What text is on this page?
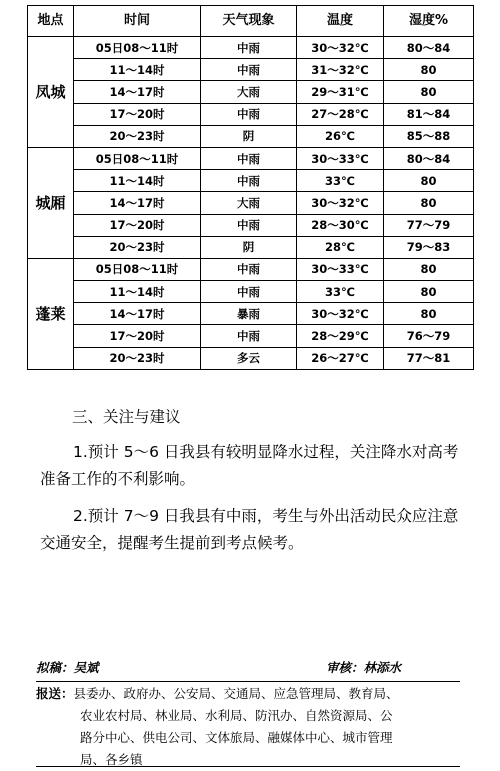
地点	时间	天气现象	温度	湿度%
凤城	05日08～11时	中雨	30～32℃	80～84
	11～14时	中雨	31～32℃	80
	14～17时	大雨	29～31℃	80
	17～20时	中雨	27～28℃	81～84
	20～23时	阴	26℃	85～88
城厢	05日08～11时	中雨	30～33℃	80～84
	11～14时	中雨	33℃	80
	14～17时	大雨	30～32℃	80
	17～20时	中雨	28～30℃	77～79
	20～23时	阴	28℃	79～83
蓬莱	05日08～11时	中雨	30～33℃	80
	11～14时	中雨	33℃	80
	14～17时	暴雨	30～32℃	80
	17～20时	中雨	28～29℃	76～79
	20～23时	多云	26～27℃	77～81
三、关注与建议
1.预计 5～6 日我县有较明显降水过程，关注降水对高考准备工作的不利影响。
2.预计 7～9 日我县有中雨，考生与外出活动民众应注意交通安全，提醒考生提前到考点候考。
拟稿：吴斌	审核：林添水
报送：县委办、政府办、公安局、交通局、应急管理局、教育局、
农业农村局、林业局、水利局、防汛办、自然资源局、公
路分中心、供电公司、文体旅局、融媒体中心、城市管理
局、各乡镇
